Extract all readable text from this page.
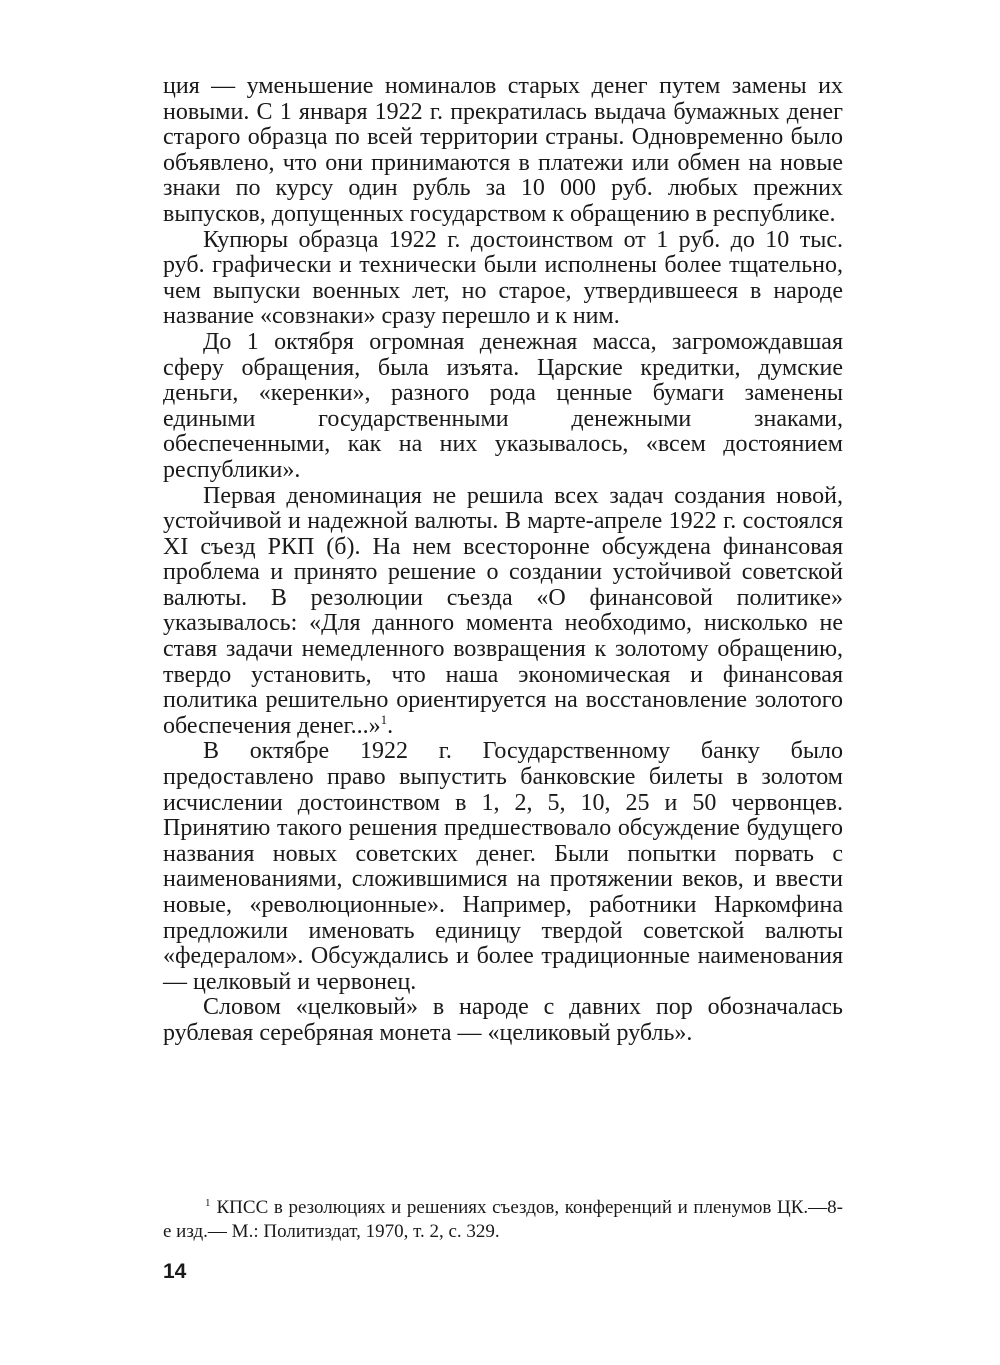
ция — уменьшение номиналов старых денег путем замены их новыми. С 1 января 1922 г. прекратилась выдача бумажных денег старого образца по всей территории страны. Одновременно было объявлено, что они принимаются в платежи или обмен на новые знаки по курсу один рубль за 10 000 руб. любых прежних выпусков, допущенных государством к обращению в республике.

Купюры образца 1922 г. достоинством от 1 руб. до 10 тыс. руб. графически и технически были исполнены более тщательно, чем выпуски военных лет, но старое, утвердившееся в народе название «совзнаки» сразу перешло и к ним.

До 1 октября огромная денежная масса, загромождавшая сферу обращения, была изъята. Царские кредитки, думские деньги, «керенки», разного рода ценные бумаги заменены едиными государственными денежными знаками, обеспеченными, как на них указывалось, «всем достоянием республики».

Первая деноминация не решила всех задач создания новой, устойчивой и надежной валюты. В марте-апреле 1922 г. состоялся XI съезд РКП (б). На нем всесторонне обсуждена финансовая проблема и принято решение о создании устойчивой советской валюты. В резолюции съезда «О финансовой политике» указывалось: «Для данного момента необходимо, нисколько не ставя задачи немедленного возвращения к золотому обращению, твердо установить, что наша экономическая и финансовая политика решительно ориентируется на восстановление золотого обеспечения денег...»$^1$.

В октябре 1922 г. Государственному банку было предоставлено право выпустить банковские билеты в золотом исчислении достоинством в 1, 2, 5, 10, 25 и 50 червонцев. Принятию такого решения предшествовало обсуждение будущего названия новых советских денег. Были попытки порвать с наименованиями, сложившимися на протяжении веков, и ввести новые, «революционные». Например, работники Наркомфина предложили именовать единицу твердой советской валюты «федералом». Обсуждались и более традиционные наименования — целковый и червонец.

Словом «целковый» в народе с давних пор обозначалась рублевая серебряная монета — «целиковый рубль».

$^1$ КПСС в резолюциях и решениях съездов, конференций и пленумов ЦК.—8-е изд.— М.: Политиздат, 1970, т. 2, с. 329.

14
